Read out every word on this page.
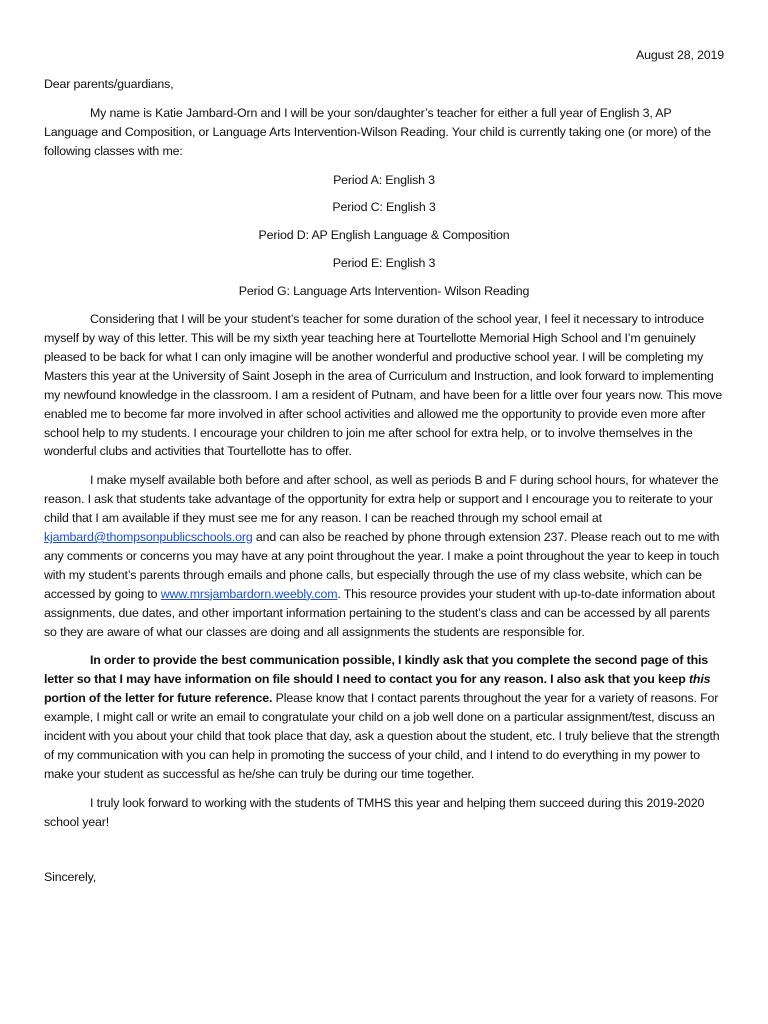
August 28, 2019
Dear parents/guardians,

My name is Katie Jambard-Orn and I will be your son/daughter’s teacher for either a full year of English 3, AP Language and Composition, or Language Arts Intervention-Wilson Reading. Your child is currently taking one (or more) of the following classes with me:

Period A: English 3
Period C: English 3
Period D: AP English Language & Composition
Period E: English 3
Period G: Language Arts Intervention- Wilson Reading

Considering that I will be your student’s teacher for some duration of the school year, I feel it necessary to introduce myself by way of this letter. This will be my sixth year teaching here at Tourtellotte Memorial High School and I’m genuinely pleased to be back for what I can only imagine will be another wonderful and productive school year. I will be completing my Masters this year at the University of Saint Joseph in the area of Curriculum and Instruction, and look forward to implementing my newfound knowledge in the classroom. I am a resident of Putnam, and have been for a little over four years now. This move enabled me to become far more involved in after school activities and allowed me the opportunity to provide even more after school help to my students. I encourage your children to join me after school for extra help, or to involve themselves in the wonderful clubs and activities that Tourtellotte has to offer.

I make myself available both before and after school, as well as periods B and F during school hours, for whatever the reason. I ask that students take advantage of the opportunity for extra help or support and I encourage you to reiterate to your child that I am available if they must see me for any reason. I can be reached through my school email at kjambard@thompsonpublicschools.org and can also be reached by phone through extension 237. Please reach out to me with any comments or concerns you may have at any point throughout the year. I make a point throughout the year to keep in touch with my student’s parents through emails and phone calls, but especially through the use of my class website, which can be accessed by going to www.mrsjambardorn.weebly.com. This resource provides your student with up-to-date information about assignments, due dates, and other important information pertaining to the student’s class and can be accessed by all parents so they are aware of what our classes are doing and all assignments the students are responsible for.

In order to provide the best communication possible, I kindly ask that you complete the second page of this letter so that I may have information on file should I need to contact you for any reason. I also ask that you keep this portion of the letter for future reference. Please know that I contact parents throughout the year for a variety of reasons. For example, I might call or write an email to congratulate your child on a job well done on a particular assignment/test, discuss an incident with you about your child that took place that day, ask a question about the student, etc. I truly believe that the strength of my communication with you can help in promoting the success of your child, and I intend to do everything in my power to make your student as successful as he/she can truly be during our time together.

I truly look forward to working with the students of TMHS this year and helping them succeed during this 2019-2020 school year!

Sincerely,
